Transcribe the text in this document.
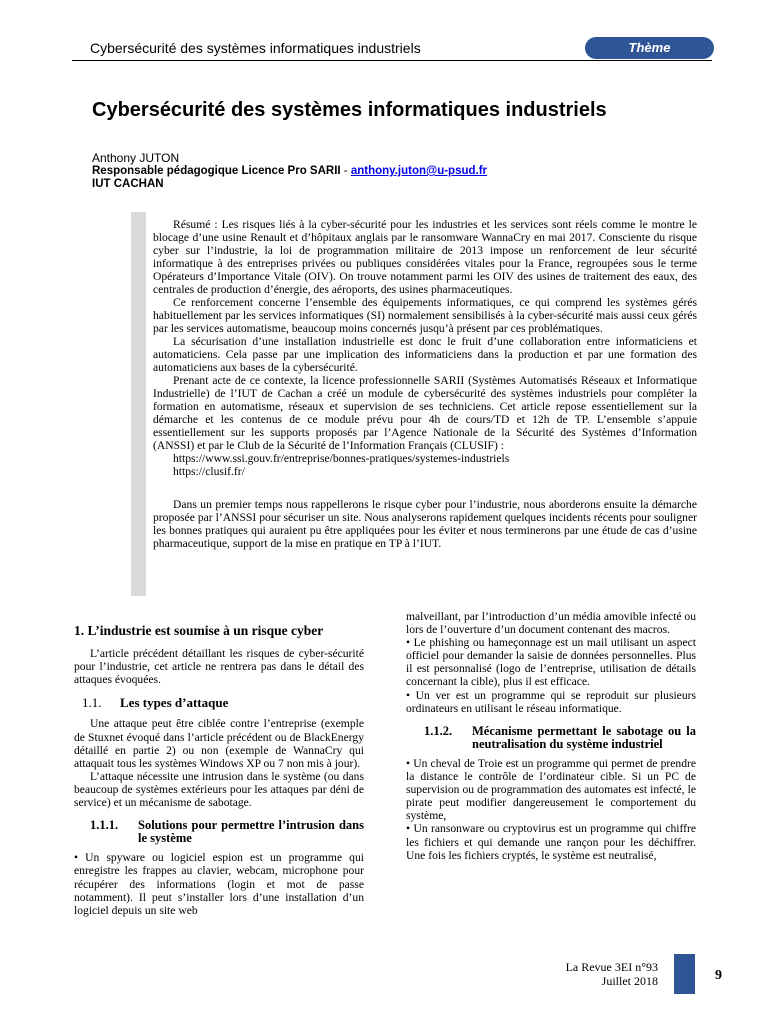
Cybersécurité des systèmes informatiques industriels	Thème
Cybersécurité des systèmes informatiques industriels
Anthony JUTON
Responsable pédagogique Licence Pro SARII - anthony.juton@u-psud.fr
IUT CACHAN

Résumé : Les risques liés à la cyber-sécurité pour les industries et les services sont réels comme le montre le blocage d’une usine Renault et d’hôpitaux anglais par le ransomware WannaCry en mai 2017. Consciente du risque cyber sur l’industrie, la loi de programmation militaire de 2013 impose un renforcement de leur sécurité informatique à des entreprises privées ou publiques considérées vitales pour la France, regroupées sous le terme Opérateurs d’Importance Vitale (OIV). On trouve notamment parmi les OIV des usines de traitement des eaux, des centrales de production d’énergie, des aéroports, des usines pharmaceutiques.

Ce renforcement concerne l’ensemble des équipements informatiques, ce qui comprend les systèmes gérés habituellement par les services informatiques (SI) normalement sensibilisés à la cyber-sécurité mais aussi ceux gérés par les services automatisme, beaucoup moins concernés jusqu’à présent par ces problématiques.

La sécurisation d’une installation industrielle est donc le fruit d’une collaboration entre informaticiens et automaticiens. Cela passe par une implication des informaticiens dans la production et par une formation des automaticiens aux bases de la cybersécurité.

Prenant acte de ce contexte, la licence professionnelle SARII (Systèmes Automatisés Réseaux et Informatique Industrielle) de l’IUT de Cachan a créé un module de cybersécurité des systèmes industriels pour compléter la formation en automatisme, réseaux et supervision de ses techniciens. Cet article repose essentiellement sur la démarche et les contenus de ce module prévu pour 4h de cours/TD et 12h de TP. L’ensemble s’appuie essentiellement sur les supports proposés par l’Agence Nationale de la Sécurité des Systèmes d’Information (ANSSI) et par le Club de la Sécurité de l’Information Français (CLUSIF) :

https://www.ssi.gouv.fr/entreprise/bonnes-pratiques/systemes-industriels

https://clusif.fr/

Dans un premier temps nous rappellerons le risque cyber pour l’industrie, nous aborderons ensuite la démarche proposée par l’ANSSI pour sécuriser un site. Nous analyserons rapidement quelques incidents récents pour souligner les bonnes pratiques qui auraient pu être appliquées pour les éviter et nous terminerons par une étude de cas d’usine pharmaceutique, support de la mise en pratique en TP à l’IUT.

1. L’industrie est soumise à un risque cyber

L’article précédent détaillant les risques de cyber-sécurité pour l’industrie, cet article ne rentrera pas dans le détail des attaques évoquées.

1.1. Les types d’attaque

Une attaque peut être ciblée contre l’entreprise (exemple de Stuxnet évoqué dans l’article précédent ou de BlackEnergy détaillé en partie 2) ou non (exemple de WannaCry qui attaquait tous les systèmes Windows XP ou 7 non mis à jour).

L’attaque nécessite une intrusion dans le système (ou dans beaucoup de systèmes extérieurs pour les attaques par déni de service) et un mécanisme de sabotage.

1.1.1.	Solutions pour permettre l’intrusion dans le système

• Un spyware ou logiciel espion est un programme qui enregistre les frappes au clavier, webcam, microphone pour récupérer des informations (login et mot de passe notamment). Il peut s’installer lors d’une installation d’un logiciel depuis un site web

malveillant, par l’introduction d’un média amovible infecté ou lors de l’ouverture d’un document contenant des macros.

• Le phishing ou hameçonnage est un mail utilisant un aspect officiel pour demander la saisie de données personnelles. Plus il est personnalisé (logo de l’entreprise, utilisation de détails concernant la cible), plus il est efficace.

• Un ver est un programme qui se reproduit sur plusieurs ordinateurs en utilisant le réseau informatique.

1.1.2.	Mécanisme permettant le sabotage ou la neutralisation du système industriel

• Un cheval de Troie est un programme qui permet de prendre la distance le contrôle de l’ordinateur cible. Si un PC de supervision ou de programmation des automates est infecté, le pirate peut modifier dangereusement le comportement du système,

• Un ransonware ou cryptovirus est un programme qui chiffre les fichiers et qui demande une rançon pour les déchiffrer. Une fois les fichiers cryptés, le système est neutralisé,

La Revue 3EI n°93
Juillet 2018	9
